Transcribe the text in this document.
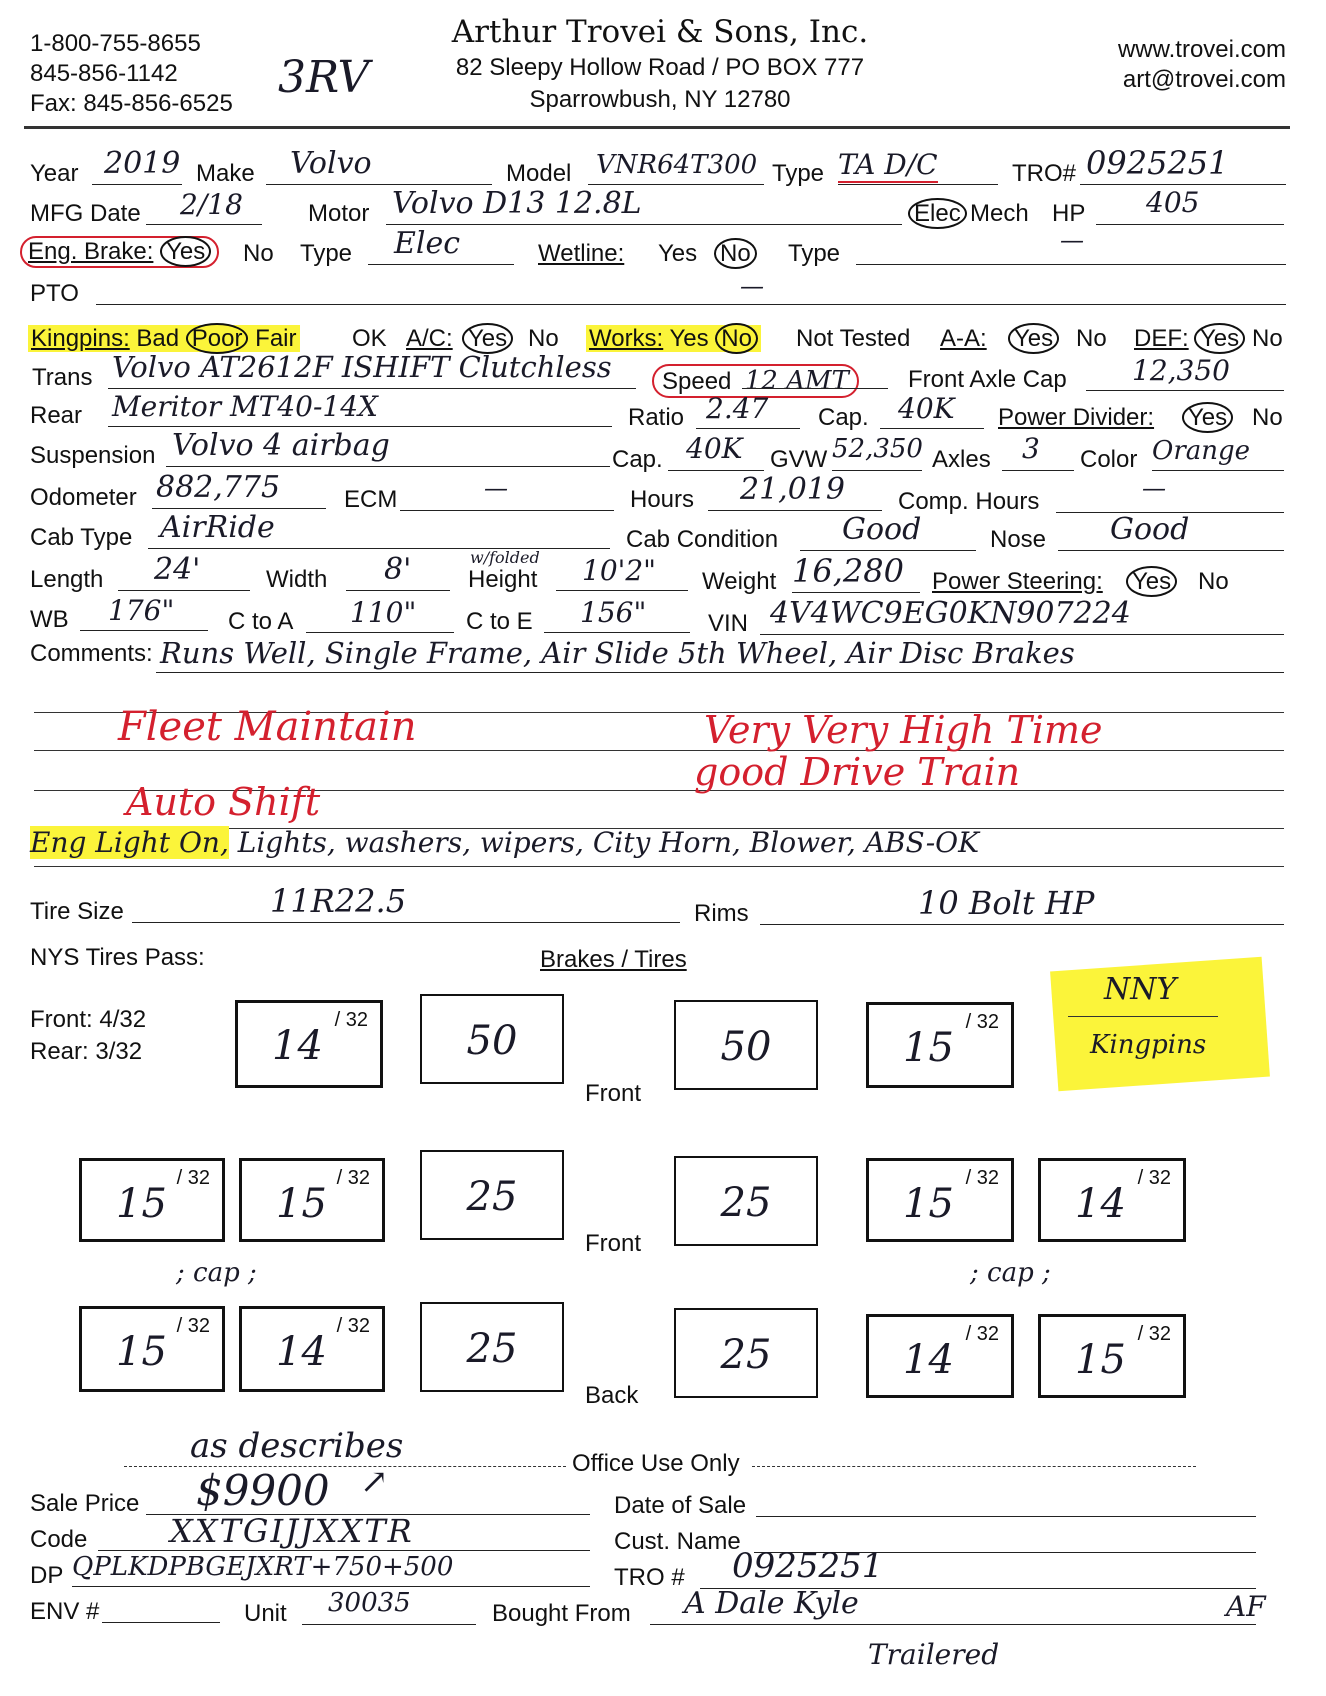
1-800-755-8655
845-856-1142
Fax: 845-856-6525
3RV
Arthur Trovei & Sons, Inc.
82 Sleepy Hollow Road / PO BOX 777
Sparrowbush, NY 12780
www.trovei.com
art@trovei.com
Year 2019 Make Volvo	Model VNR64T300 Type TA D/C	TRO# 0925251
MFG Date 2/18	Motor Volvo D13 12.8L	Elec Mech HP 405
Eng. Brake: Yes	No Type Elec	Wetline: Yes No Type	—
PTO	—
Kingpins: Bad Poor Fair OK A/C: Yes No Works: Yes No	Not Tested A-A: Yes No DEF: Yes No
Trans Volvo AT2612F ISHIFT Clutchless	Speed 12 AMT	Front Axle Cap 12,350
Rear Meritor MT40-14X	Ratio 2.47 Cap. 40K Power Divider: Yes No
Suspension Volvo 4 airbag	Cap. 40K GVW 52,350 Axles 3 Color Orange
Odometer 882,775	ECM	—	Hours 21,019 Comp. Hours	—
Cab Type AirRide	Cab Condition Good	Nose Good
Length 24'	Width 8'	w/folded
Height 10'2" Weight 16,280 Power Steering: Yes No
WB 176" C to A 110" C to E 156"	VIN 4V4WC9EG0KN907224
Comments: Runs Well, Single Frame, Air Slide 5th Wheel, Air Disc Brakes
Fleet Maintain	Very Very High Time
good Drive Train
Auto Shift
Eng Light On, Lights, washers, wipers, City Horn, Blower, ABS-OK
Tire Size	11R22.5	Rims	10 Bolt HP
NYS Tires Pass:	Brakes / Tires
Front: 4/32
Rear: 3/32
NNY
Kingpins
14
/ 32	50
Front
50	15
/ 32
15
/ 32
15
/ 32	25
Front
25	15
/ 32
14
/ 32
; cap ;	; cap ;
15
/ 32
14
/ 32	25
Back
25	14
/ 32
15
/ 32
as describes	Office Use Only
Sale Price $9900 ↗
Date of Sale
Code	XXTGIJJXXTR	Cust. Name
DP QPLKDPBGEJXRT+750+500	TRO # 0925251
ENV #	Unit 30035	Bought From A Dale Kyle	AF
Trailered
